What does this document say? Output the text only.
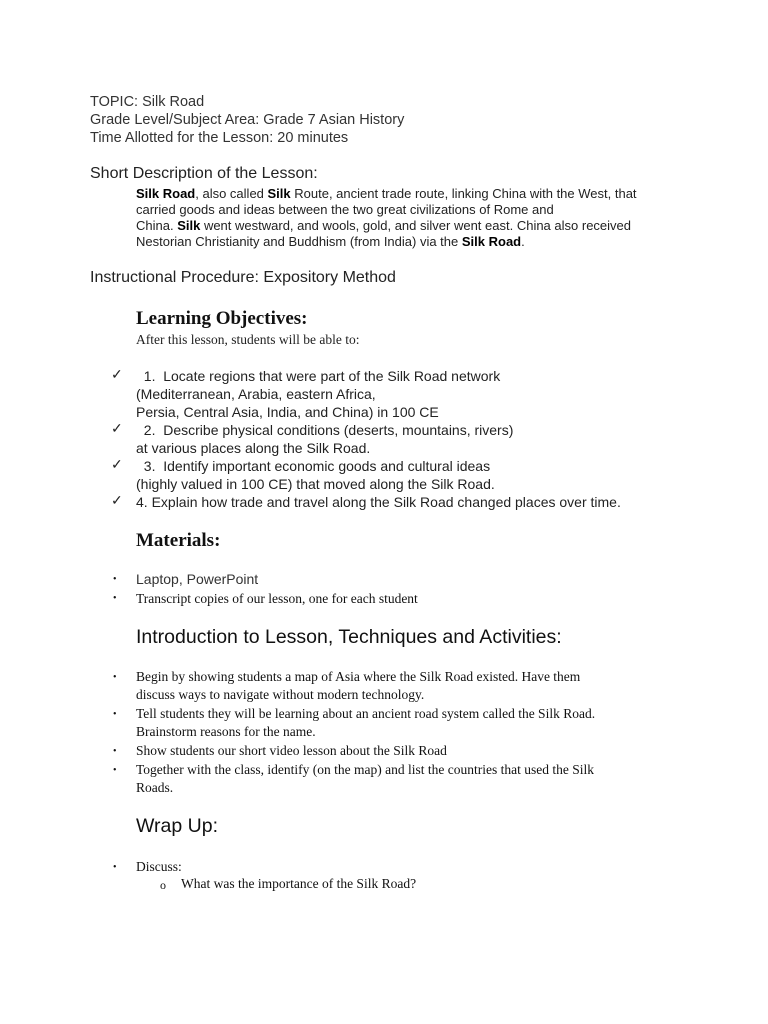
TOPIC: Silk Road
Grade Level/Subject Area: Grade 7 Asian History
Time Allotted for the Lesson: 20 minutes
Short Description of the Lesson:
Silk Road, also called Silk Route, ancient trade route, linking China with the West, that
carried goods and ideas between the two great civilizations of Rome and
China. Silk went westward, and wools, gold, and silver went east. China also received
Nestorian Christianity and Buddhism (from India) via the Silk Road.
Instructional Procedure: Expository Method
Learning Objectives:
After this lesson, students will be able to:
✓ 1.  Locate regions that were part of the Silk Road network
(Mediterranean, Arabia, eastern Africa,
Persia, Central Asia, India, and China) in 100 CE
✓ 2.  Describe physical conditions (deserts, mountains, rivers)
at various places along the Silk Road.
✓ 3.  Identify important economic goods and cultural ideas
(highly valued in 100 CE) that moved along the Silk Road.
✓ 4. Explain how trade and travel along the Silk Road changed places over time.
Materials:
• Laptop, PowerPoint
• Transcript copies of our lesson, one for each student
Introduction to Lesson, Techniques and Activities:
• Begin by showing students a map of Asia where the Silk Road existed. Have them
discuss ways to navigate without modern technology.
• Tell students they will be learning about an ancient road system called the Silk Road.
Brainstorm reasons for the name.
• Show students our short video lesson about the Silk Road
• Together with the class, identify (on the map) and list the countries that used the Silk
Roads.
Wrap Up:
• Discuss:
o What was the importance of the Silk Road?
